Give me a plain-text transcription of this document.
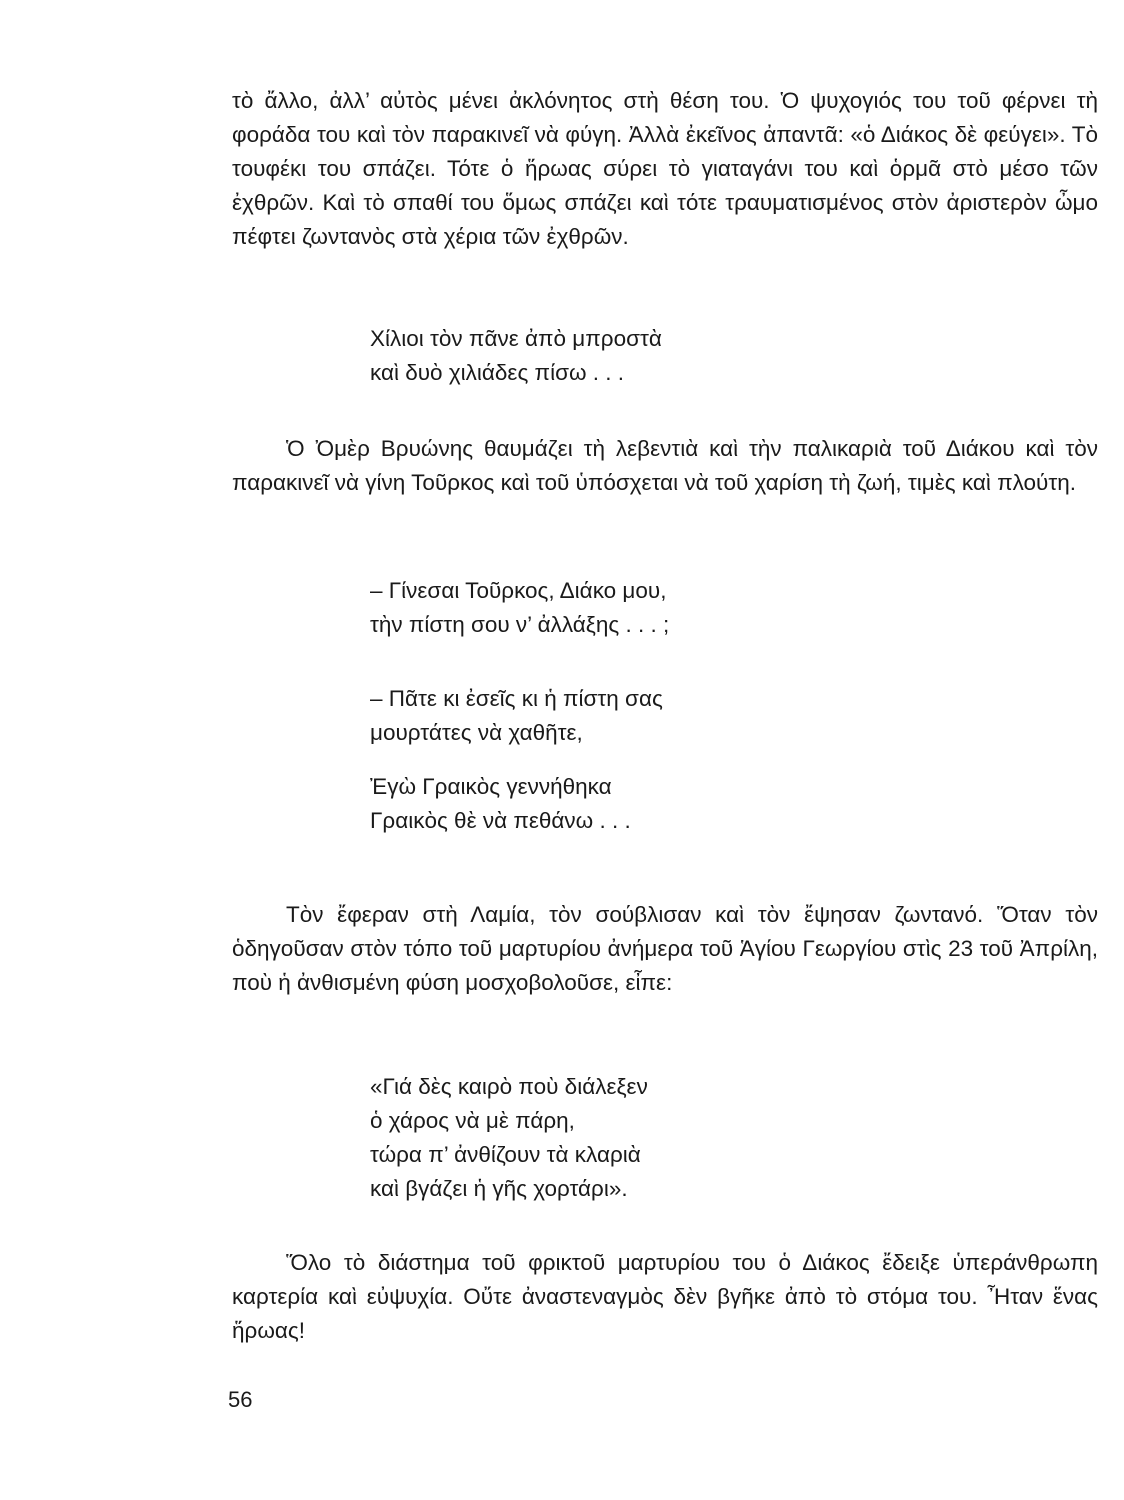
τὸ ἄλλο, ἀλλ’ αὐτὸς μένει ἀκλόνητος στὴ θέση του. Ὁ ψυχογιός του τοῦ φέρνει τὴ φοράδα του καὶ τὸν παρακινεῖ νὰ φύγη. Ἀλλὰ ἐκεῖνος ἀπαντᾶ: «ὁ Διάκος δὲ φεύγει». Τὸ τουφέκι του σπάζει. Τότε ὁ ἥρωας σύρει τὸ γιαταγάνι του καὶ ὁρμᾶ στὸ μέσο τῶν ἐχθρῶν. Καὶ τὸ σπαθί του ὅμως σπάζει καὶ τότε τραυματισμένος στὸν ἀριστερὸν ὦμο πέφτει ζωντανὸς στὰ χέρια τῶν ἐχθρῶν.

Χίλιοι τὸν πᾶνε ἀπὸ μπροστὰ
καὶ δυὸ χιλιάδες πίσω . . .

Ὁ Ὀμὲρ Βρυώνης θαυμάζει τὴ λεβεντιὰ καὶ τὴν παλικαριὰ τοῦ Διάκου καὶ τὸν παρακινεῖ νὰ γίνη Τοῦρκος καὶ τοῦ ὑπόσχεται νὰ τοῦ χαρίση τὴ ζωή, τιμὲς καὶ πλούτη.

– Γίνεσαι Τοῦρκος, Διάκο μου,
τὴν πίστη σου ν’ ἀλλάξης . . . ;
– Πᾶτε κι ἐσεῖς κι ἡ πίστη σας
μουρτάτες νὰ χαθῆτε,
Ἐγὼ Γραικὸς γεννήθηκα
Γραικὸς θὲ νὰ πεθάνω . . .

Τὸν ἔφεραν στὴ Λαμία, τὸν σούβλισαν καὶ τὸν ἔψησαν ζωντανό. Ὅταν τὸν ὁδηγοῦσαν στὸν τόπο τοῦ μαρτυρίου ἀνήμερα τοῦ Ἁγίου Γεωργίου στὶς 23 τοῦ Ἀπρίλη, ποὺ ἡ ἀνθισμένη φύση μοσχοβολοῦσε, εἶπε:

«Γιά δὲς καιρὸ ποὺ διάλεξεν
ὁ χάρος νὰ μὲ πάρη,
τώρα π’ ἀνθίζουν τὰ κλαριὰ
καὶ βγάζει ἡ γῆς χορτάρι».

Ὅλο τὸ διάστημα τοῦ φρικτοῦ μαρτυρίου του ὁ Διάκος ἔδειξε ὑπεράνθρωπη καρτερία καὶ εὐψυχία. Οὔτε ἀναστεναγμὸς δὲν βγῆκε ἀπὸ τὸ στόμα του. Ἦταν ἕνας ἥρωας!

56
